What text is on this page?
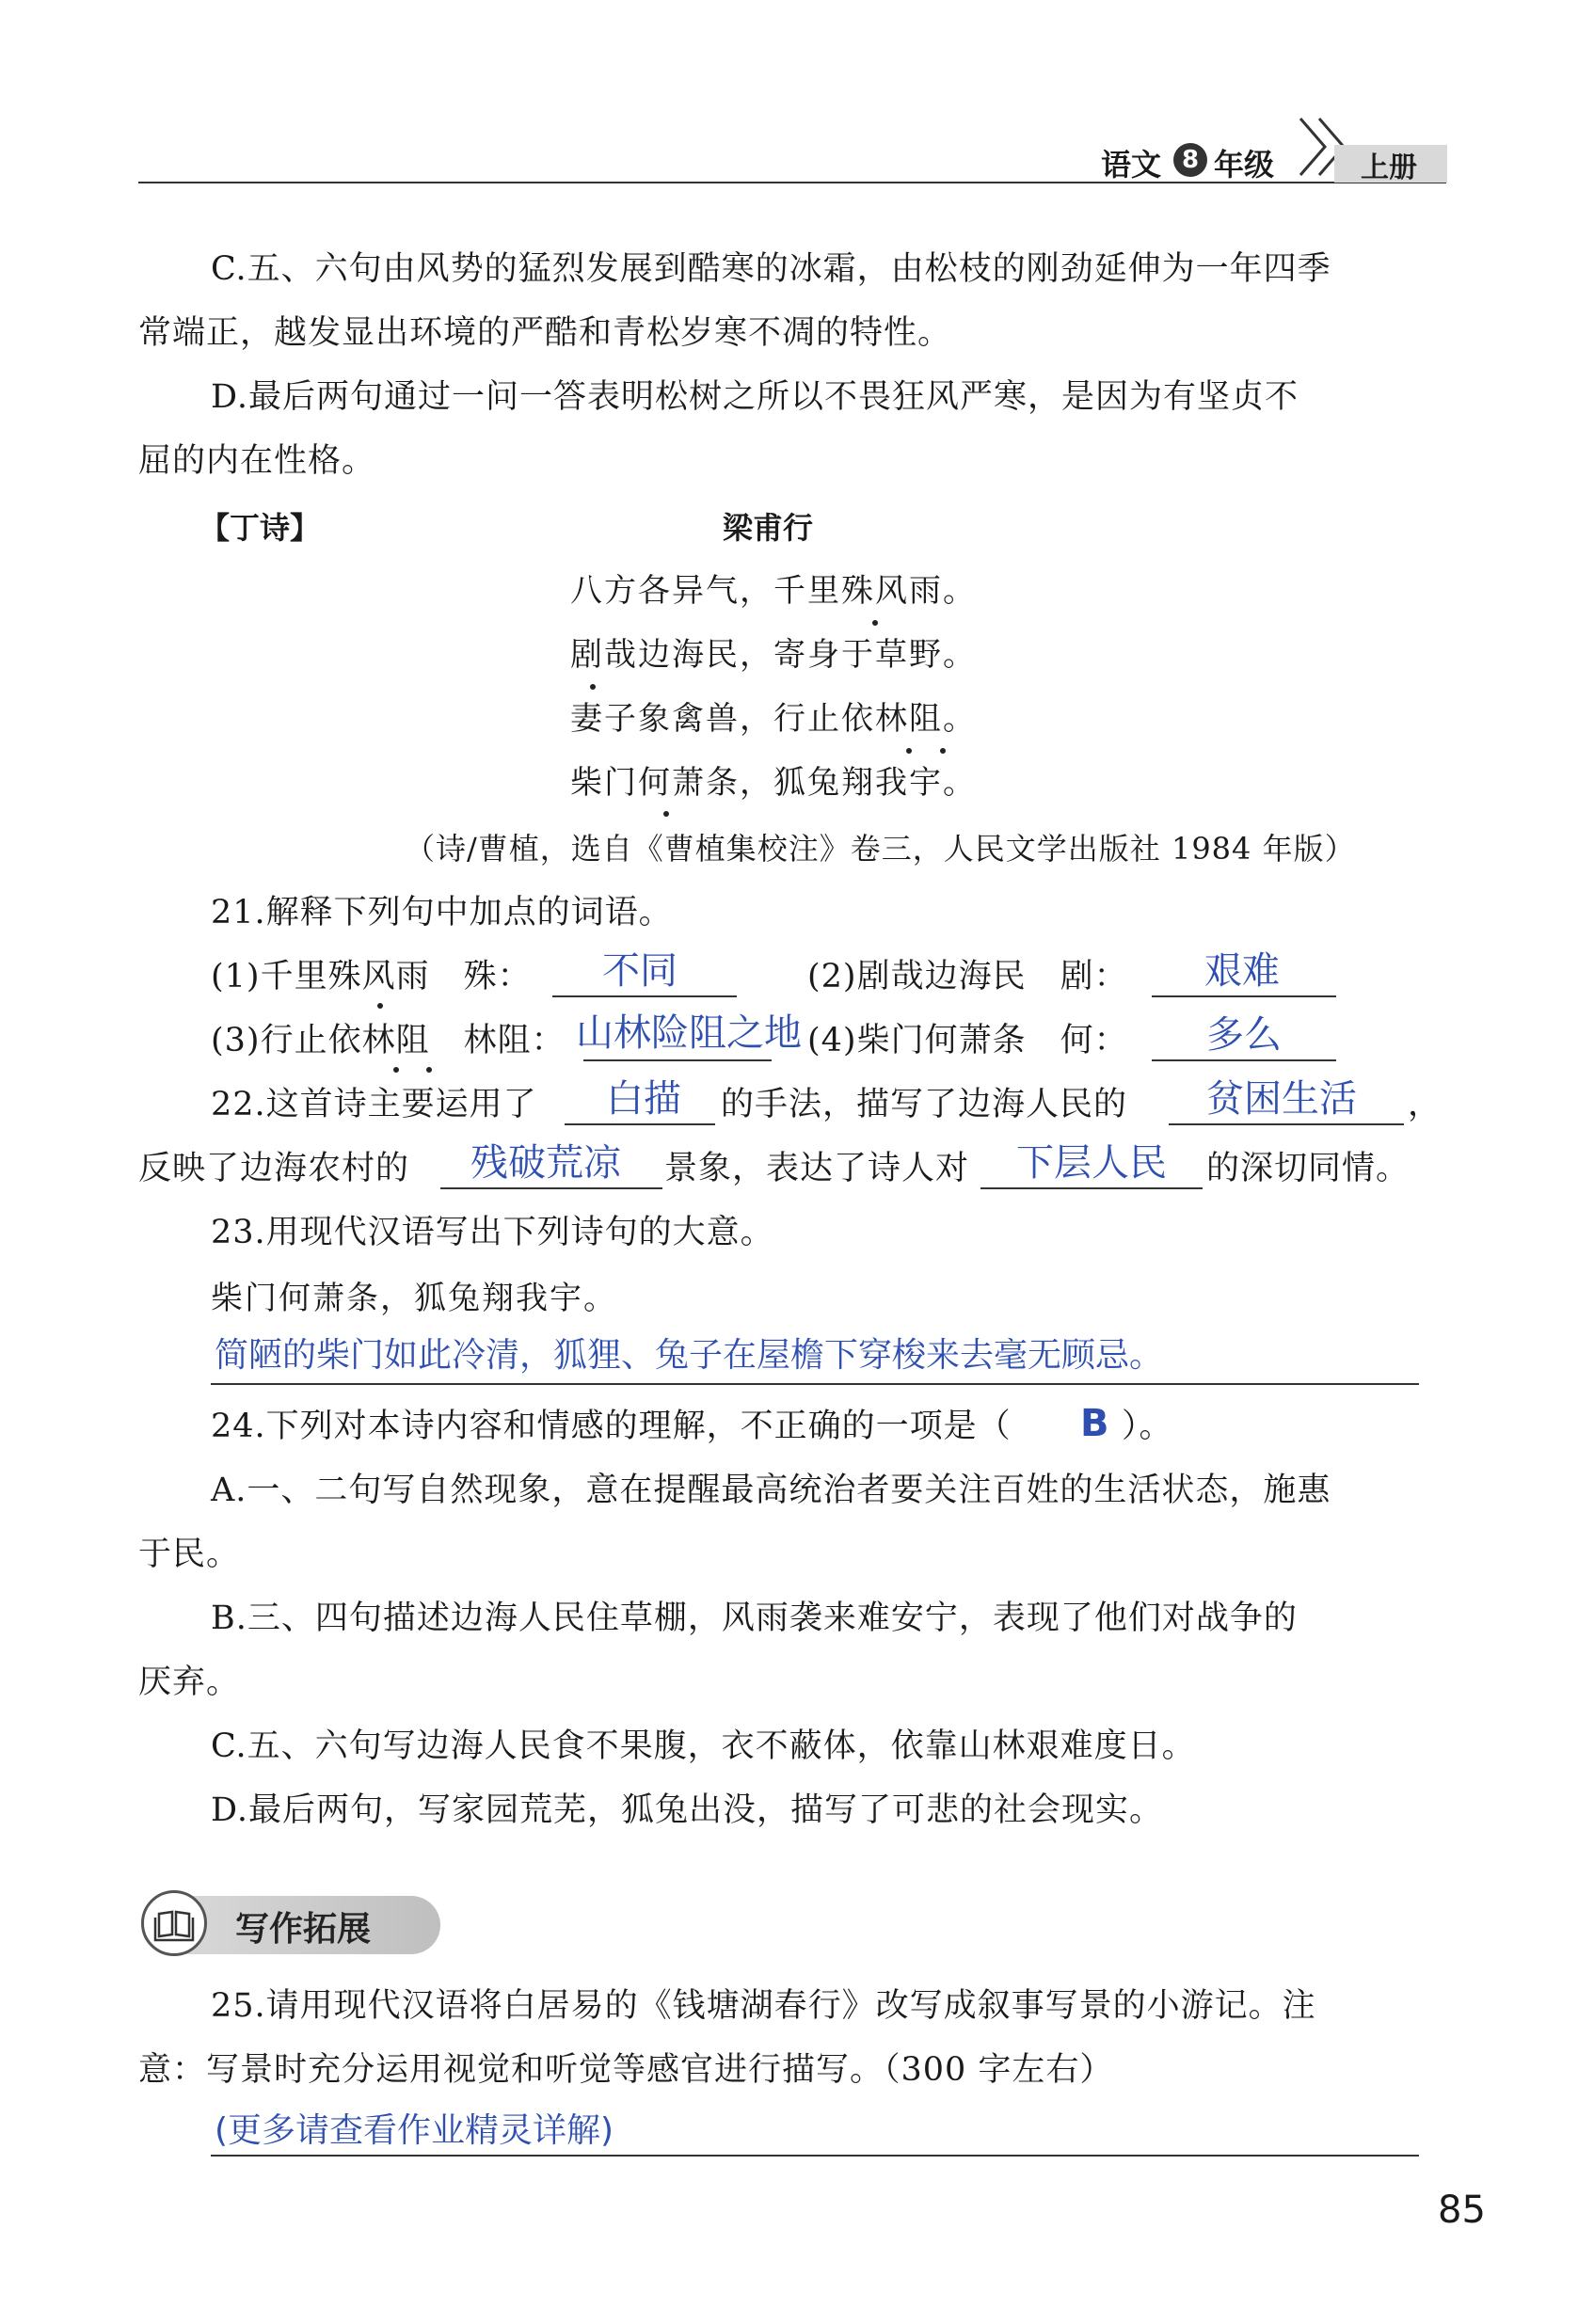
语文 8 年级	上册
C.五、六句由风势的猛烈发展到酷寒的冰霜，由松枝的刚劲延伸为一年四季
常端正，越发显出环境的严酷和青松岁寒不凋的特性。
D.最后两句通过一问一答表明松树之所以不畏狂风严寒，是因为有坚贞不
屈的内在性格。
【丁诗】	梁甫行
八方各异气，千里殊风雨。
剧哉边海民，寄身于草野。
妻子象禽兽，行止依林阻。
柴门何萧条，狐兔翔我宇。
（诗/曹植，选自《曹植集校注》卷三，人民文学出版社 1984 年版）
21.解释下列句中加点的词语。
(1)千里殊风雨　殊： 不同	(2)剧哉边海民　剧： 艰难
(3)行止依林阻　林阻： 山林险阻之地 (4)柴门何萧条　何： 多么
22.这首诗主要运用了 白描 的手法，描写了边海人民的 贫困生活 ，
反映了边海农村的 残破荒凉 景象，表达了诗人对 下层人民 的深切同情。
23.用现代汉语写出下列诗句的大意。
柴门何萧条，狐兔翔我宇。
简陋的柴门如此冷清，狐狸、兔子在屋檐下穿梭来去毫无顾忌。
24.下列对本诗内容和情感的理解，不正确的一项是（ B ）。
A.一、二句写自然现象，意在提醒最高统治者要关注百姓的生活状态，施惠
于民。
B.三、四句描述边海人民住草棚，风雨袭来难安宁，表现了他们对战争的
厌弃。
C.五、六句写边海人民食不果腹，衣不蔽体，依靠山林艰难度日。
D.最后两句，写家园荒芜，狐兔出没，描写了可悲的社会现实。
写作拓展
25.请用现代汉语将白居易的《钱塘湖春行》改写成叙事写景的小游记。注
意：写景时充分运用视觉和听觉等感官进行描写。（300 字左右）
(更多请查看作业精灵详解)
85
